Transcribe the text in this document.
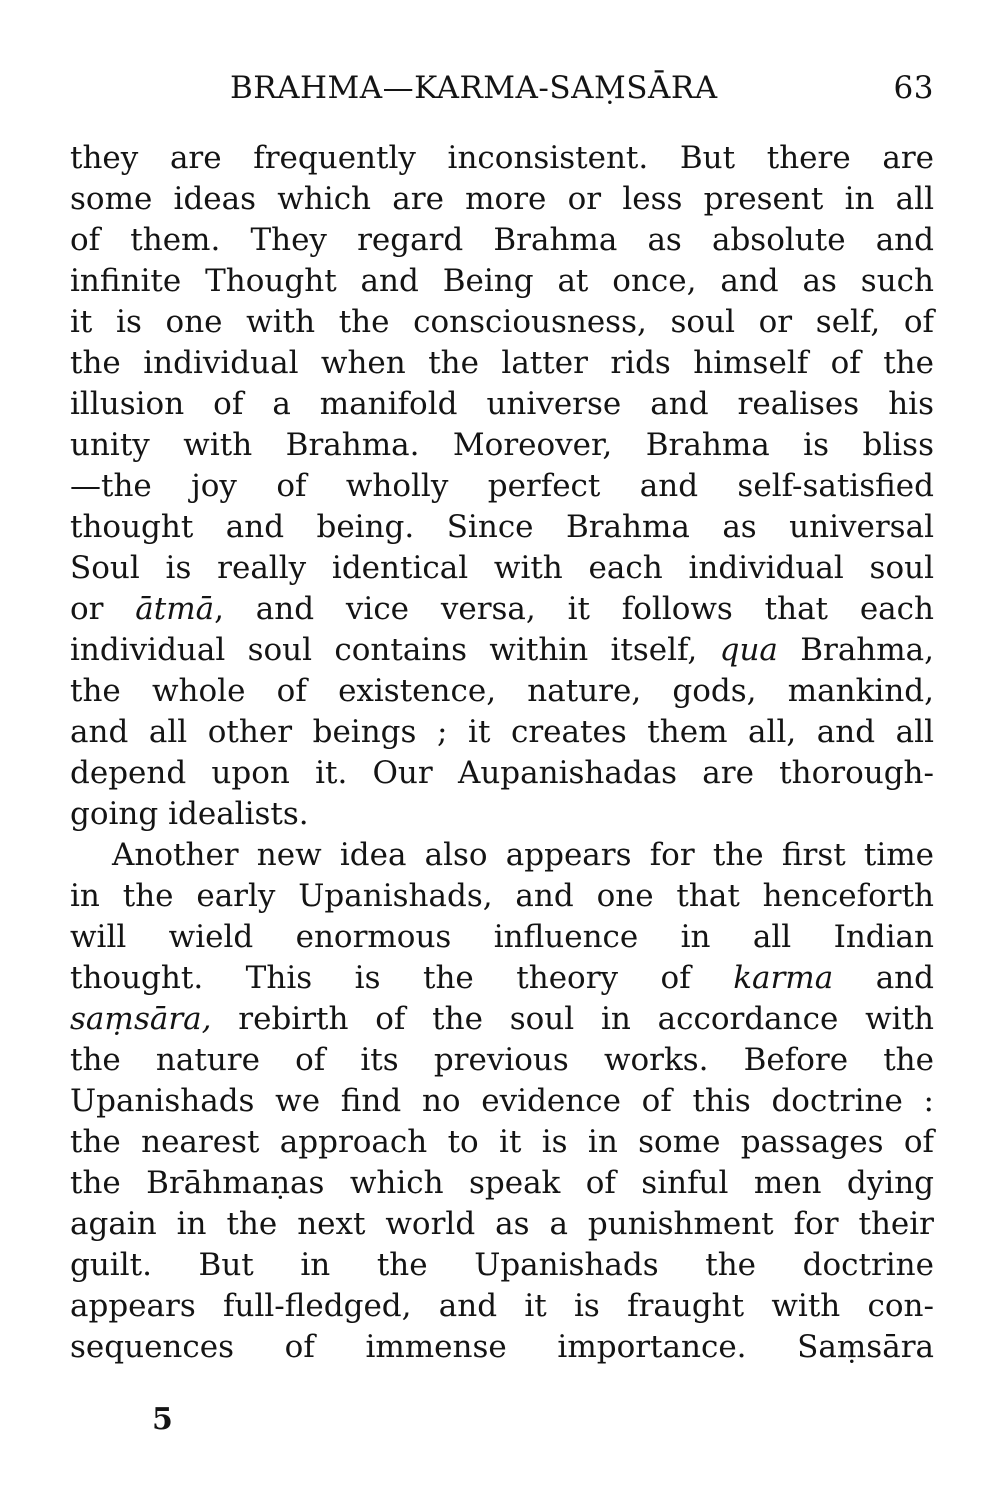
BRAHMA—KARMA-SAṂSĀRA	63
they are frequently inconsistent. But there are
some ideas which are more or less present in all
of them. They regard Brahma as absolute and
infinite Thought and Being at once, and as such
it is one with the consciousness, soul or self, of
the individual when the latter rids himself of the
illusion of a manifold universe and realises his
unity with Brahma. Moreover, Brahma is bliss
—the joy of wholly perfect and self-satisfied
thought and being. Since Brahma as universal
Soul is really identical with each individual soul
or ātmā, and vice versa, it follows that each
individual soul contains within itself, qua Brahma,
the whole of existence, nature, gods, mankind,
and all other beings ; it creates them all, and all
depend upon it. Our Aupanishadas are thorough-
going idealists.
Another new idea also appears for the first time
in the early Upanishads, and one that henceforth
will wield enormous influence in all Indian
thought. This is the theory of karma and
saṃsāra, rebirth of the soul in accordance with
the nature of its previous works. Before the
Upanishads we find no evidence of this doctrine :
the nearest approach to it is in some passages of
the Brāhmaṇas which speak of sinful men dying
again in the next world as a punishment for their
guilt. But in the Upanishads the doctrine
appears full-fledged, and it is fraught with con-
sequences of immense importance. Saṃsāra
5
